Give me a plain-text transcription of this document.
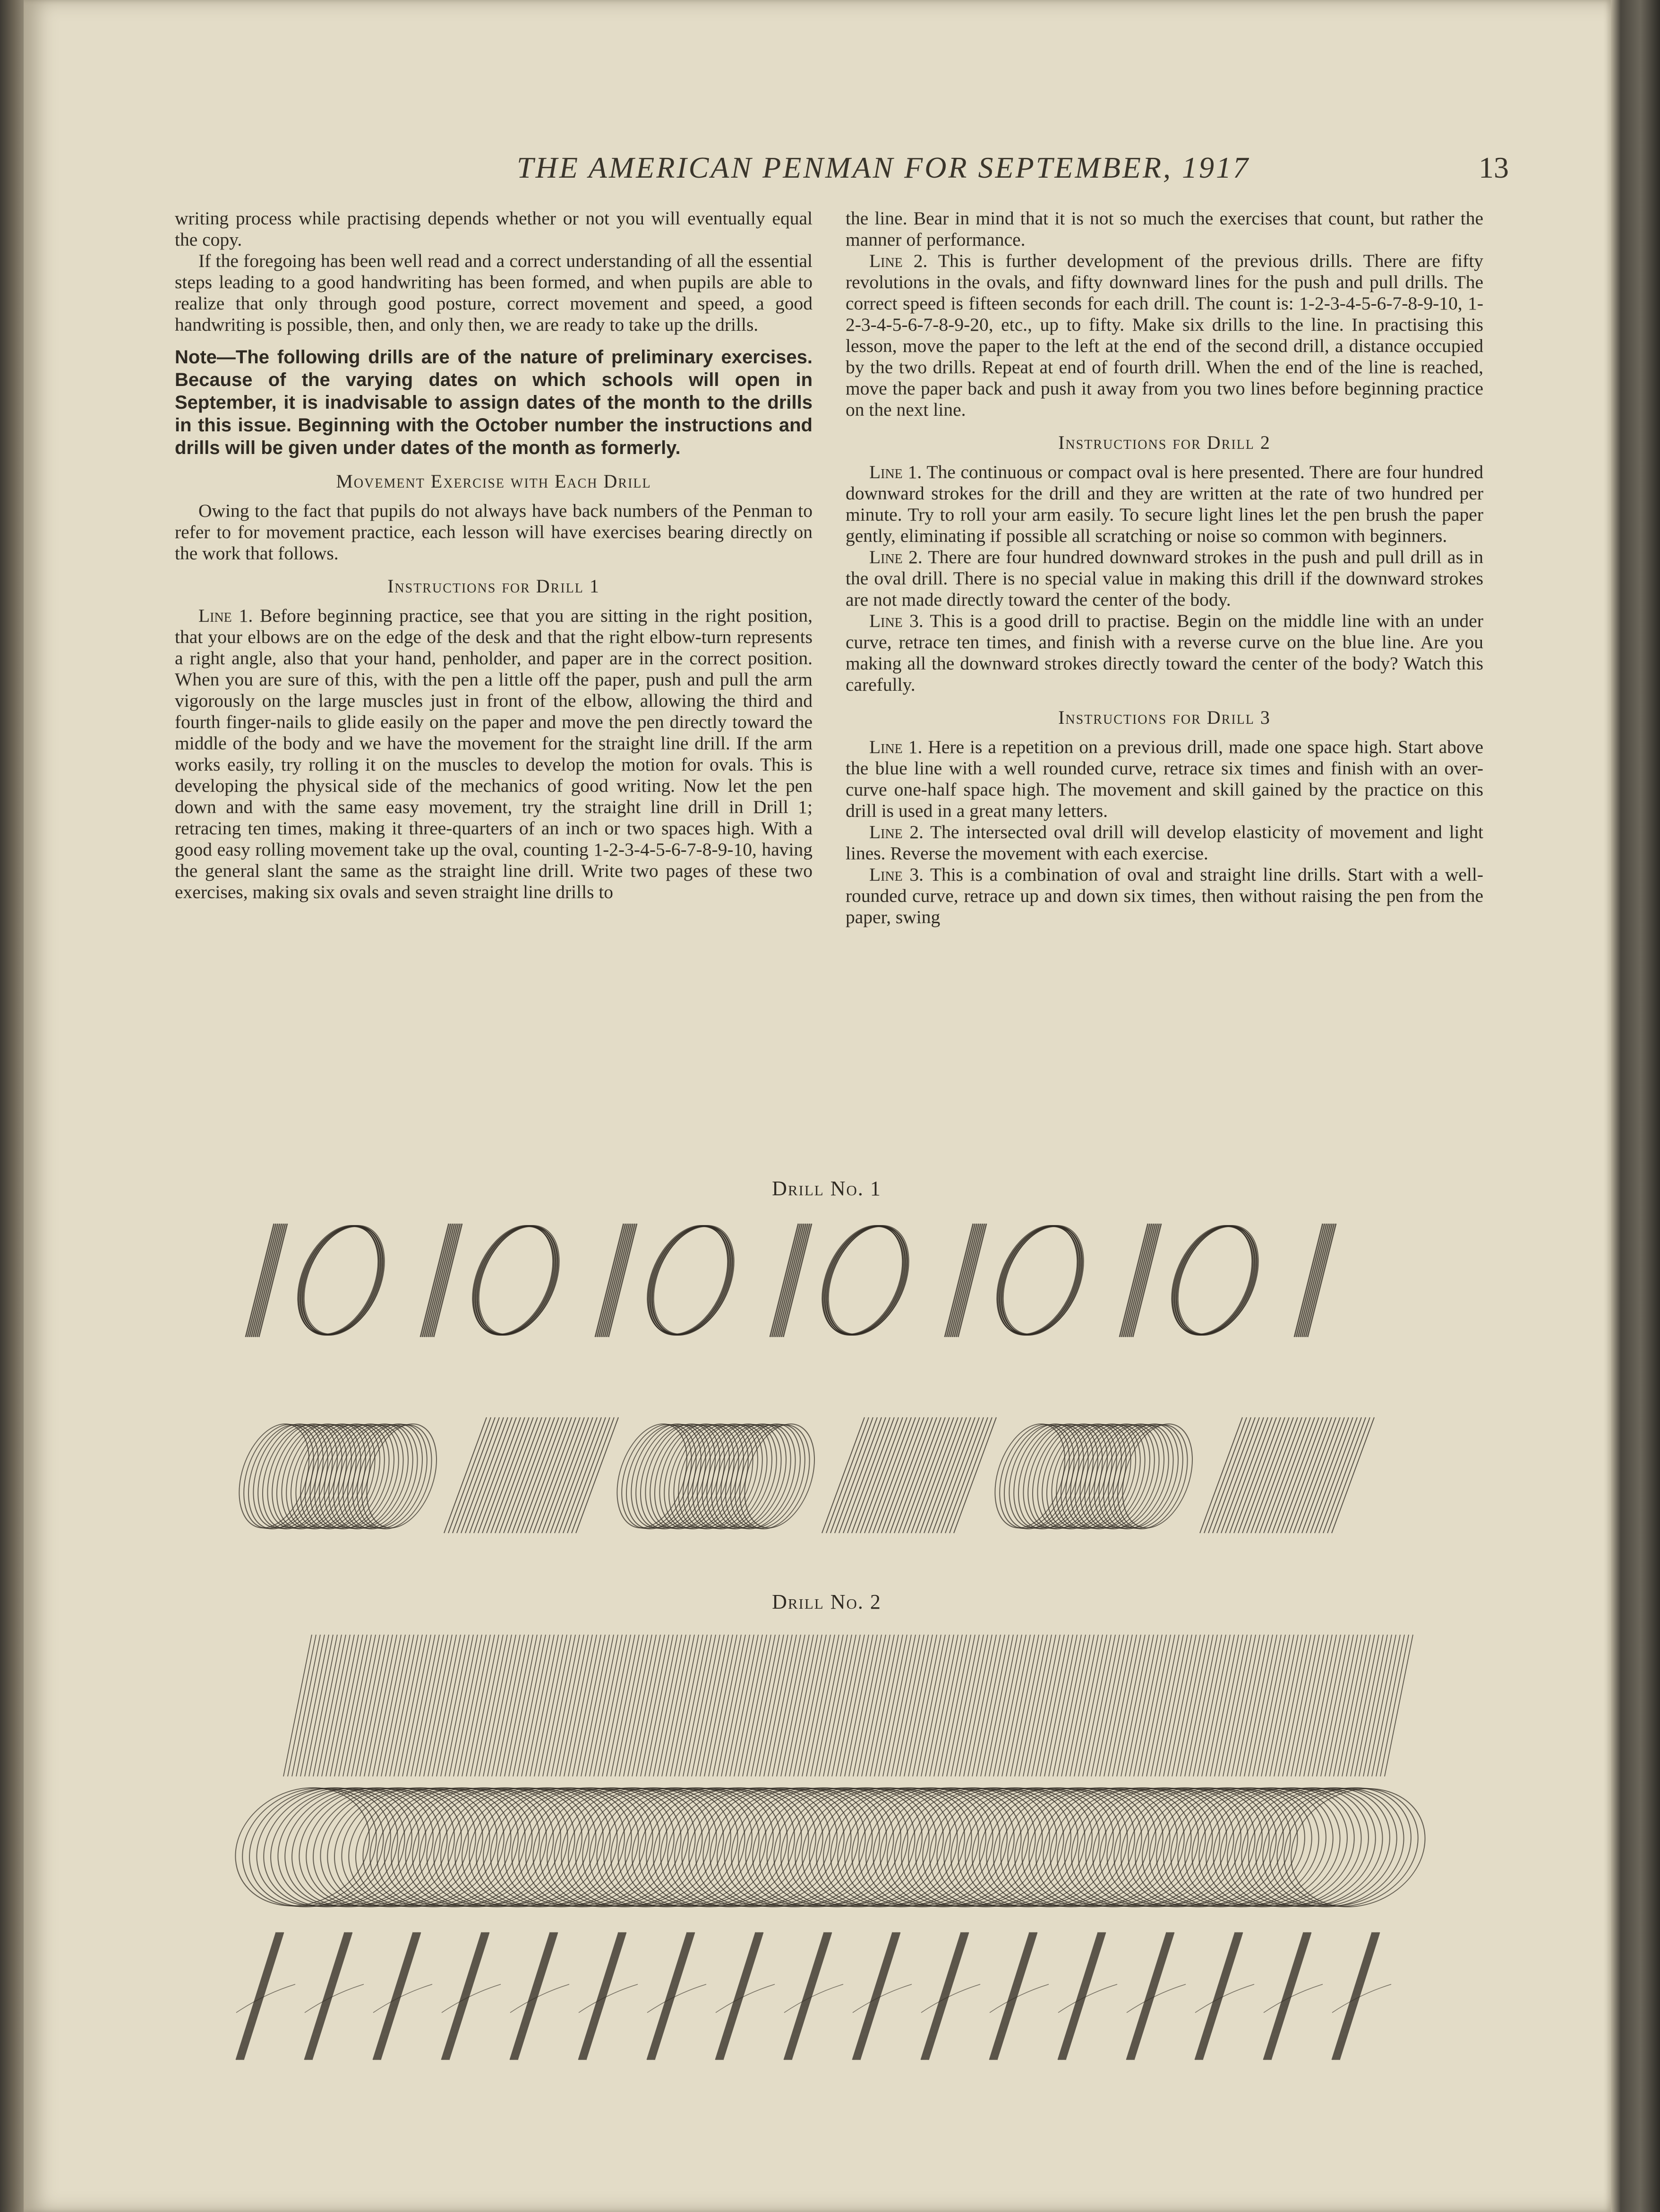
THE AMERICAN PENMAN FOR SEPTEMBER, 1917	13

writing process while practising depends whether or not you will eventually equal the copy.

If the foregoing has been well read and a correct understanding of all the essential steps leading to a good handwriting has been formed, and when pupils are able to realize that only through good posture, correct movement and speed, a good handwriting is possible, then, and only then, we are ready to take up the drills.

Note—The following drills are of the nature of preliminary exercises. Because of the varying dates on which schools will open in September, it is inadvisable to assign dates of the month to the drills in this issue. Beginning with the October number the instructions and drills will be given under dates of the month as formerly.

Movement Exercise with Each Drill

Owing to the fact that pupils do not always have back numbers of the Penman to refer to for movement practice, each lesson will have exercises bearing directly on the work that follows.

Instructions for Drill 1

Line 1. Before beginning practice, see that you are sitting in the right position, that your elbows are on the edge of the desk and that the right elbow-turn represents a right angle, also that your hand, penholder, and paper are in the correct position. When you are sure of this, with the pen a little off the paper, push and pull the arm vigorously on the large muscles just in front of the elbow, allowing the third and fourth finger-nails to glide easily on the paper and move the pen directly toward the middle of the body and we have the movement for the straight line drill. If the arm works easily, try rolling it on the muscles to develop the motion for ovals. This is developing the physical side of the mechanics of good writing. Now let the pen down and with the same easy movement, try the straight line drill in Drill 1; retracing ten times, making it three-quarters of an inch or two spaces high. With a good easy rolling movement take up the oval, counting 1-2-3-4-5-6-7-8-9-10, having the general slant the same as the straight line drill. Write two pages of these two exercises, making six ovals and seven straight line drills to

the line. Bear in mind that it is not so much the exercises that count, but rather the manner of performance.

Line 2. This is further development of the previous drills. There are fifty revolutions in the ovals, and fifty downward lines for the push and pull drills. The correct speed is fifteen seconds for each drill. The count is: 1-2-3-4-5-6-7-8-9-10, 1-2-3-4-5-6-7-8-9-20, etc., up to fifty. Make six drills to the line. In practising this lesson, move the paper to the left at the end of the second drill, a distance occupied by the two drills. Repeat at end of fourth drill. When the end of the line is reached, move the paper back and push it away from you two lines before beginning practice on the next line.

Instructions for Drill 2

Line 1. The continuous or compact oval is here presented. There are four hundred downward strokes for the drill and they are written at the rate of two hundred per minute. Try to roll your arm easily. To secure light lines let the pen brush the paper gently, eliminating if possible all scratching or noise so common with beginners.

Line 2. There are four hundred downward strokes in the push and pull drill as in the oval drill. There is no special value in making this drill if the downward strokes are not made directly toward the center of the body.

Line 3. This is a good drill to practise. Begin on the middle line with an under curve, retrace ten times, and finish with a reverse curve on the blue line. Are you making all the downward strokes directly toward the center of the body? Watch this carefully.

Instructions for Drill 3

Line 1. Here is a repetition on a previous drill, made one space high. Start above the blue line with a well rounded curve, retrace six times and finish with an over-curve one-half space high. The movement and skill gained by the practice on this drill is used in a great many letters.

Line 2. The intersected oval drill will develop elasticity of movement and light lines. Reverse the movement with each exercise.

Line 3. This is a combination of oval and straight line drills. Start with a well-rounded curve, retrace up and down six times, then without raising the pen from the paper, swing

Drill No. 1
Drill No. 2
